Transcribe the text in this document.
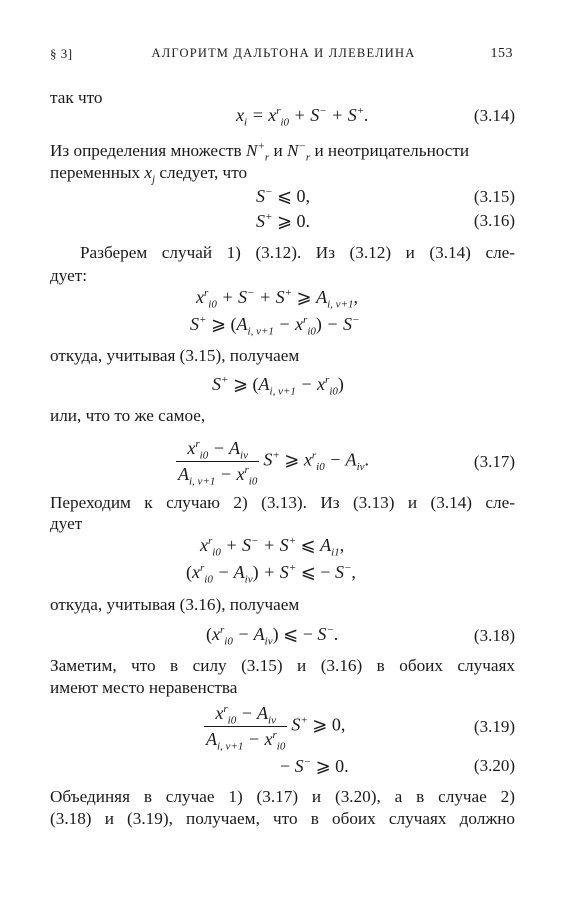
§ 3]	АЛГОРИТМ ДАЛЬТОНА И ЛЛЕВЕЛИНА	153
так что
$x_i = x^r_{i0} + S^- + S^+$.	(3.14)
Из определения множеств $N^+_r$ и $N^-_r$ и неотрицательности
переменных $x_j$ следует, что
S− ⩽ 0,	(3.15)
S+ ⩾ 0.	(3.16)
Разберем случай 1) (3.12). Из (3.12) и (3.14) сле-
дует:
$x^r_{i0} + S^- + S^+$ ⩾ $A_{i, \nu+1}$,
S+ ⩾ $(A_{i, \nu+1} - x^r_{i0}) - S^-$
откуда, учитывая (3.15), получаем
S+ ⩾ $(A_{i, \nu+1} - x^r_{i0})$
или, что то же самое,
$\frac{x^r_{i0} - A_{i\nu}}{A_{i, \nu+1} - x^r_{i0}} S^+$ ⩾ $x^r_{i0} - A_{i\nu}$.	(3.17)
Переходим к случаю 2) (3.13). Из (3.13) и (3.14) сле-
дует
$x^r_{i0} + S^- + S^+$ ⩽ $A_{i1}$,
$(x^r_{i0} - A_{i\nu}) + S^+$ ⩽ − S−,
откуда, учитывая (3.16), получаем
$(x^r_{i0} - A_{i\nu})$ ⩽ − S−.	(3.18)
Заметим, что в силу (3.15) и (3.16) в обоих случаях
имеют место неравенства
$\frac{x^r_{i0} - A_{i\nu}}{A_{i, \nu+1} - x^r_{i0}} S^+$ ⩾ 0,	(3.19)
− S− ⩾ 0.	(3.20)
Объединяя в случае 1) (3.17) и (3.20), а в случае 2)
(3.18) и (3.19), получаем, что в обоих случаях должно
